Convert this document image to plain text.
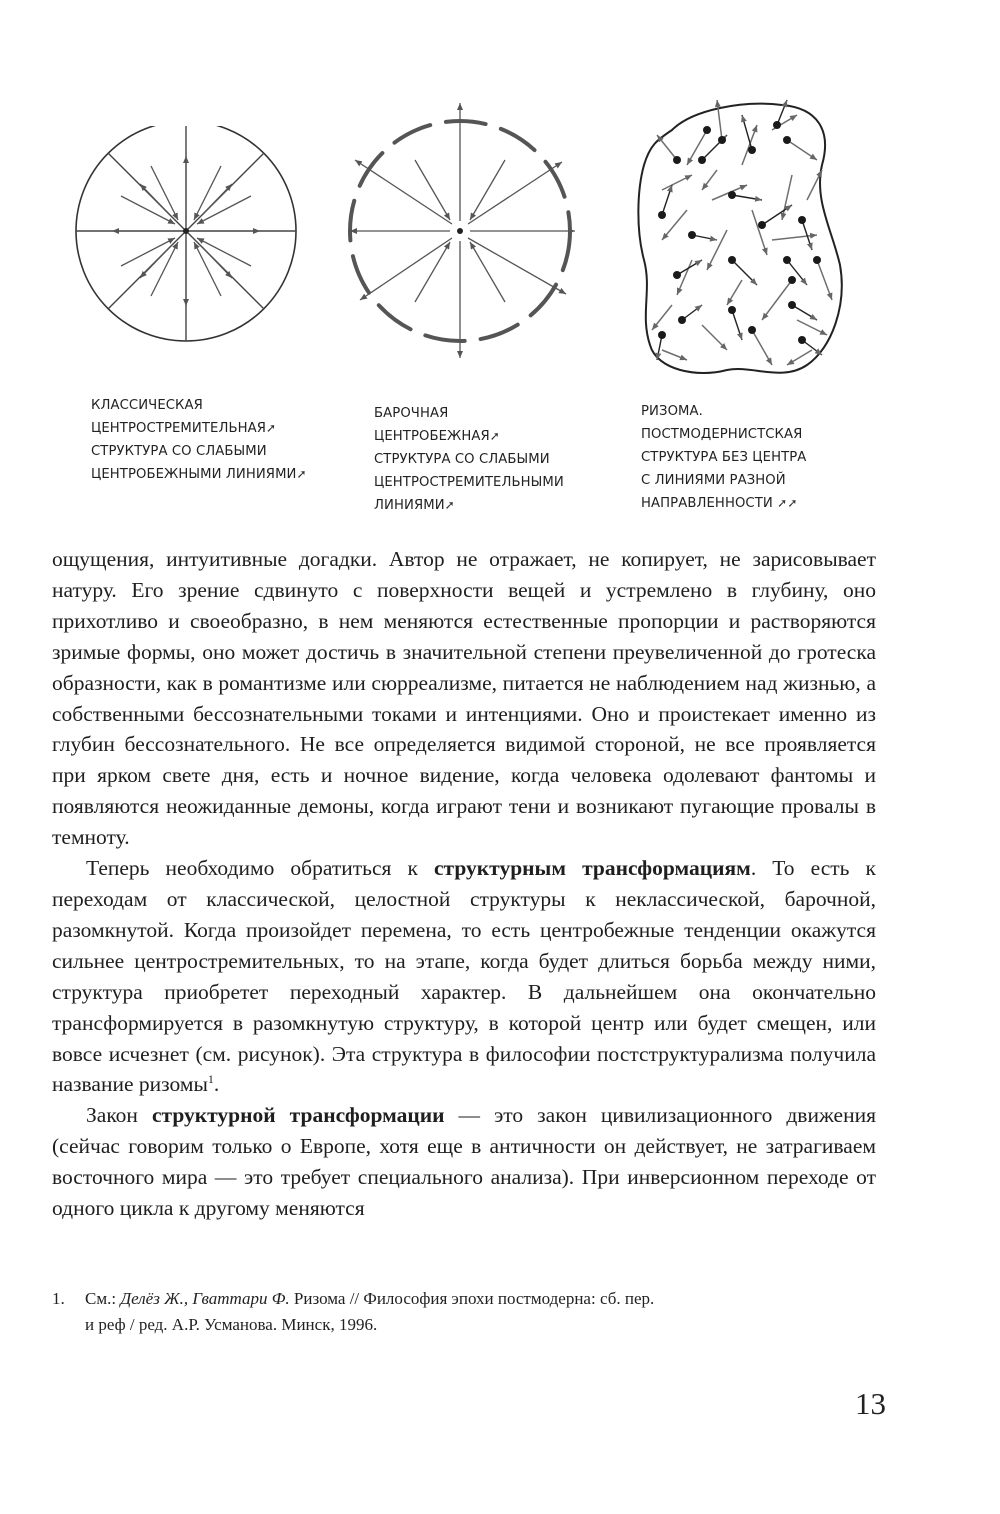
КЛАССИЧЕСКАЯ
ЦЕНТРОСТРЕМИТЕЛЬНАЯ➚
СТРУКТУРА СО СЛАБЫМИ
ЦЕНТРОБЕЖНЫМИ ЛИНИЯМИ➚
БАРОЧНАЯ
ЦЕНТРОБЕЖНАЯ➚
СТРУКТУРА СО СЛАБЫМИ
ЦЕНТРОСТРЕМИТЕЛЬНЫМИ
ЛИНИЯМИ➚
РИЗОМА.
ПОСТМОДЕРНИСТСКАЯ
СТРУКТУРА БЕЗ ЦЕНТРА
С ЛИНИЯМИ РАЗНОЙ
НАПРАВЛЕННОСТИ ➚➚

ощущения, интуитивные догадки. Автор не отражает, не копирует, не зарисовывает натуру. Его зрение сдвинуто с поверхности вещей и устремлено в глубину, оно прихотливо и своеобразно, в нем меняются естественные пропорции и растворяются зримые формы, оно может достичь в значительной степени преувеличенной до гротеска образности, как в романтизме или сюрреализме, питается не наблюдением над жизнью, а собственными бессознательными токами и интенциями. Оно и проистекает именно из глубин бессознательного. Не все определяется видимой стороной, не все проявляется при ярком свете дня, есть и ночное видение, когда человека одолевают фантомы и появляются неожиданные демоны, когда играют тени и возникают пугающие провалы в темноту.

Теперь необходимо обратиться к структурным трансформациям. То есть к переходам от классической, целостной структуры к неклассической, барочной, разомкнутой. Когда произойдет перемена, то есть центробежные тенденции окажутся сильнее центростремительных, то на этапе, когда будет длиться борьба между ними, структура приобретет переходный характер. В дальнейшем она окончательно трансформируется в разомкнутую структуру, в которой центр или будет смещен, или вовсе исчезнет (см. рисунок). Эта структура в философии постструктурализма получила название ризомы$^1$.

Закон структурной трансформации — это закон цивилизационного движения (сейчас говорим только о Европе, хотя еще в античности он действует, не затрагиваем восточного мира — это требует специального анализа). При инверсионном переходе от одного цикла к другому меняются

1. См.: Делёз Ж., Гваттари Ф. Ризома // Философия эпохи постмодерна: сб. пер.
и реф / ред. А.Р. Усманова. Минск, 1996.
13
